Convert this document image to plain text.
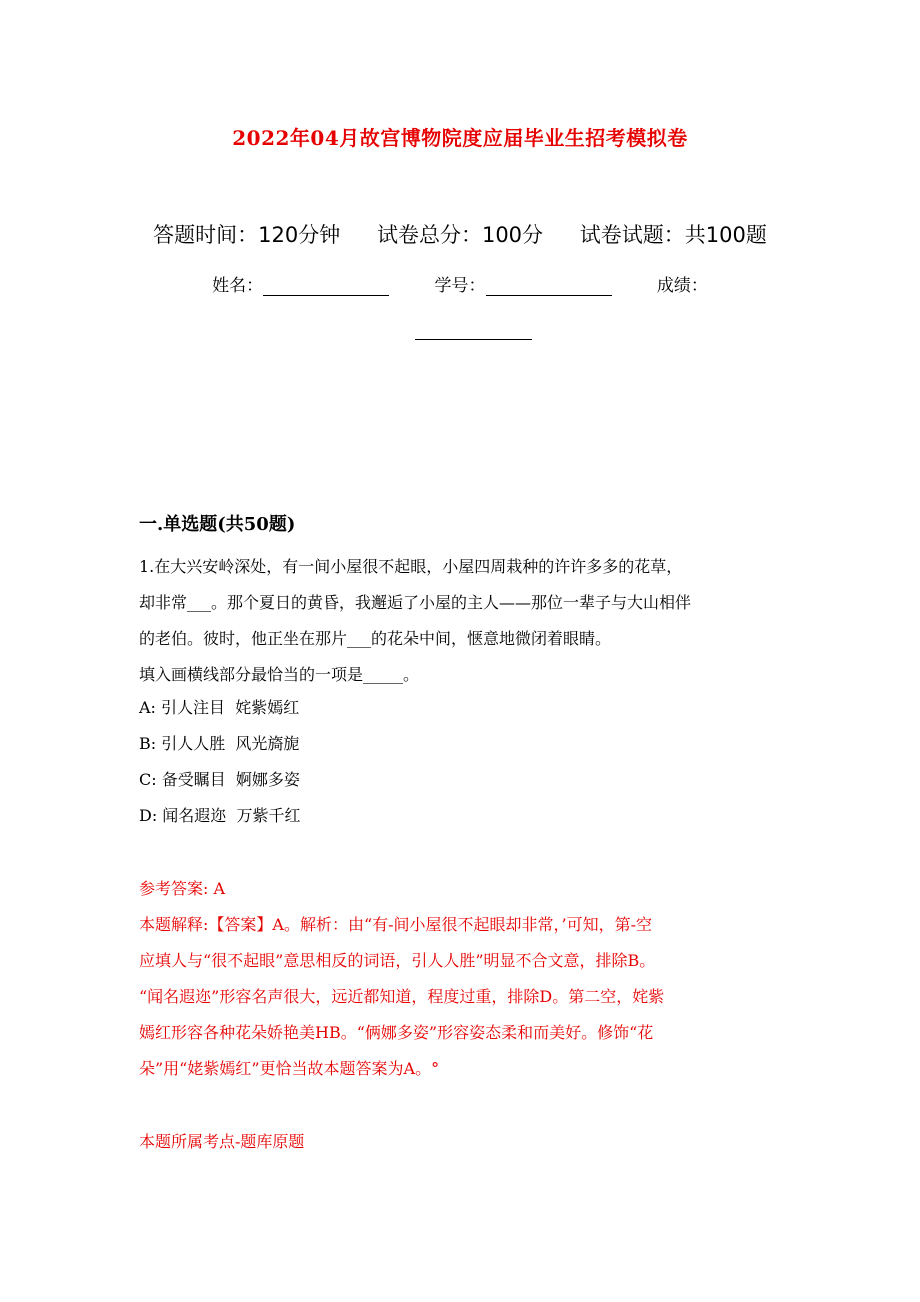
2022年04月故宫博物院度应届毕业生招考模拟卷
答题时间：120分钟 试卷总分：100分 试卷试题：共100题
姓名：	学号：	成绩：
一.单选题(共50题)

1.在大兴安岭深处，有一间小屋很不起眼，小屋四周栽种的许许多多的花草，

却非常___。那个夏日的黄昏，我邂逅了小屋的主人——那位一辈子与大山相伴

的老伯。彼时，他正坐在那片___的花朵中间，惬意地微闭着眼睛。

填入画横线部分最恰当的一项是_____。

A: 引人注目  姹紫嫣红
B: 引人人胜  风光旖旎
C: 备受瞩目  婀娜多姿
D: 闻名遐迩  万紫千红

参考答案: A

本题解释:【答案】A。解析：由“有-间小屋很不起眼却非常，’可知，第-空

应填人与“很不起眼”意思相反的词语，引人人胜”明显不合文意，排除B。

“闻名遐迩”形容名声很大，远近都知道，程度过重，排除D。第二空，姹紫

嫣红形容各种花朵娇艳美HB。“俩娜多姿”形容姿态柔和而美好。修饰“花

朵”用“姥紫嫣红”更恰当故本题答案为A。°

本题所属考点-题库原题
